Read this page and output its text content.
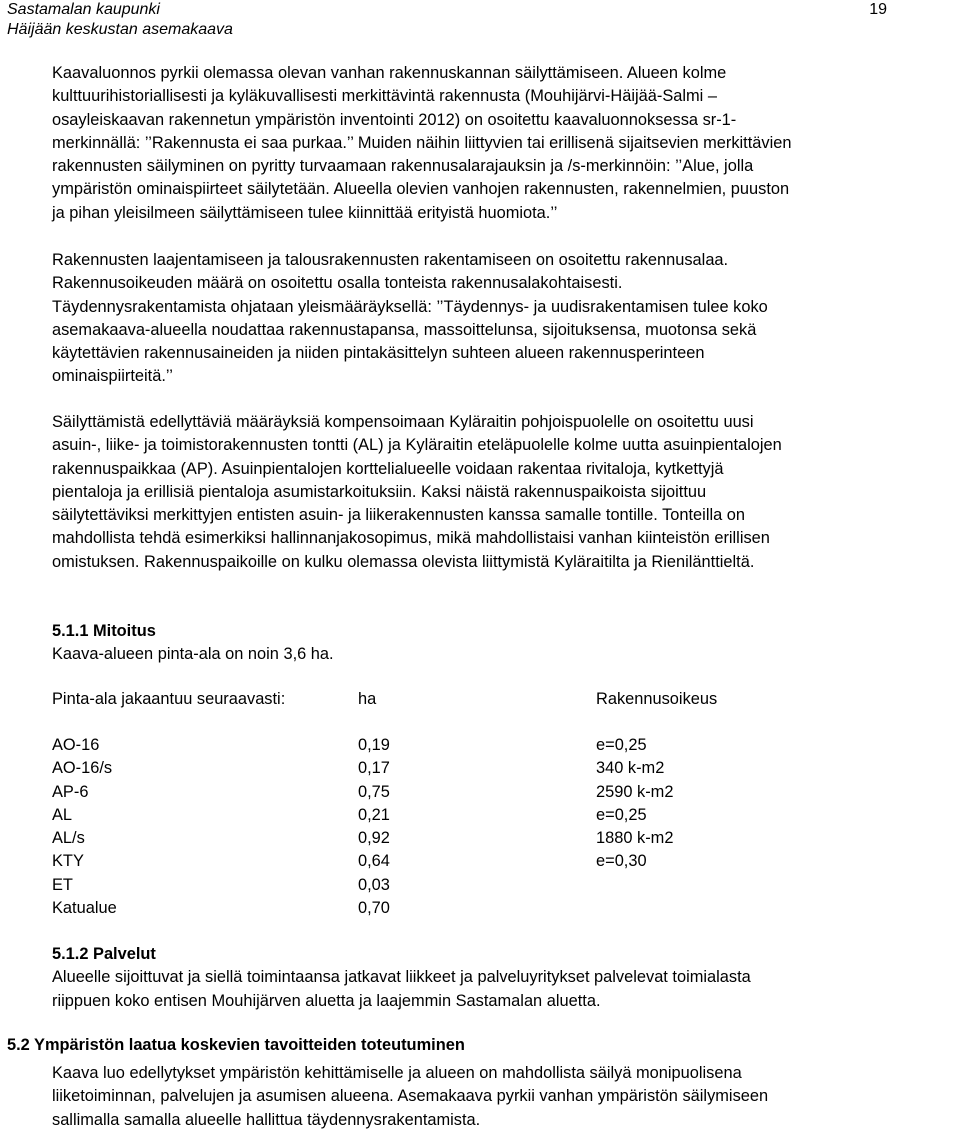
Sastamalan kaupunki
Häijään keskustan asemakaava
19

Kaavaluonnos pyrkii olemassa olevan vanhan rakennuskannan säilyttämiseen. Alueen kolme

kulttuurihistoriallisesti ja kyläkuvallisesti merkittävintä rakennusta (Mouhijärvi-Häijää-Salmi –

osayleiskaavan rakennetun ympäristön inventointi 2012) on osoitettu kaavaluonnoksessa sr-1-

merkinnällä: ’’Rakennusta ei saa purkaa.’’ Muiden näihin liittyvien tai erillisenä sijaitsevien merkittävien

rakennusten säilyminen on pyritty turvaamaan rakennusalarajauksin ja /s-merkinnöin: ’’Alue, jolla

ympäristön ominaispiirteet säilytetään. Alueella olevien vanhojen rakennusten, rakennelmien, puuston

ja pihan yleisilmeen säilyttämiseen tulee kiinnittää erityistä huomiota.’’

Rakennusten laajentamiseen ja talousrakennusten rakentamiseen on osoitettu rakennusalaa.

Rakennusoikeuden määrä on osoitettu osalla tonteista rakennusalakohtaisesti.

Täydennysrakentamista ohjataan yleismääräyksellä: ’’Täydennys- ja uudisrakentamisen tulee koko

asemakaava-alueella noudattaa rakennustapansa, massoittelunsa, sijoituksensa, muotonsa sekä

käytettävien rakennusaineiden ja niiden pintakäsittelyn suhteen alueen rakennusperinteen

ominaispiirteitä.’’

Säilyttämistä edellyttäviä määräyksiä kompensoimaan Kyläraitin pohjoispuolelle on osoitettu uusi

asuin-, liike- ja toimistorakennusten tontti (AL) ja Kyläraitin eteläpuolelle kolme uutta asuinpientalojen

rakennuspaikkaa (AP). Asuinpientalojen korttelialueelle voidaan rakentaa rivitaloja, kytkettyjä

pientaloja ja erillisiä pientaloja asumistarkoituksiin. Kaksi näistä rakennuspaikoista sijoittuu

säilytettäviksi merkittyjen entisten asuin- ja liikerakennusten kanssa samalle tontille. Tonteilla on

mahdollista tehdä esimerkiksi hallinnanjakosopimus, mikä mahdollistaisi vanhan kiinteistön erillisen

omistuksen. Rakennuspaikoille on kulku olemassa olevista liittymistä Kyläraitilta ja Rienilänttieltä.

5.1.1 Mitoitus

Kaava-alueen pinta-ala on noin 3,6 ha.

Pinta-ala jakaantuu seuraavasti:	ha	Rakennusoikeus
AO-16	0,19	e=0,25
AO-16/s	0,17	340 k-m2
AP-6	0,75	2590 k-m2
AL	0,21	e=0,25
AL/s	0,92	1880 k-m2
KTY	0,64	e=0,30
ET	0,03
Katualue	0,70

5.1.2 Palvelut

Alueelle sijoittuvat ja siellä toimintaansa jatkavat liikkeet ja palveluyritykset palvelevat toimialasta

riippuen koko entisen Mouhijärven aluetta ja laajemmin Sastamalan aluetta.

5.2 Ympäristön laatua koskevien tavoitteiden toteutuminen

Kaava luo edellytykset ympäristön kehittämiselle ja alueen on mahdollista säilyä monipuolisena

liiketoiminnan, palvelujen ja asumisen alueena. Asemakaava pyrkii vanhan ympäristön säilymiseen

sallimalla samalla alueelle hallittua täydennysrakentamista.
